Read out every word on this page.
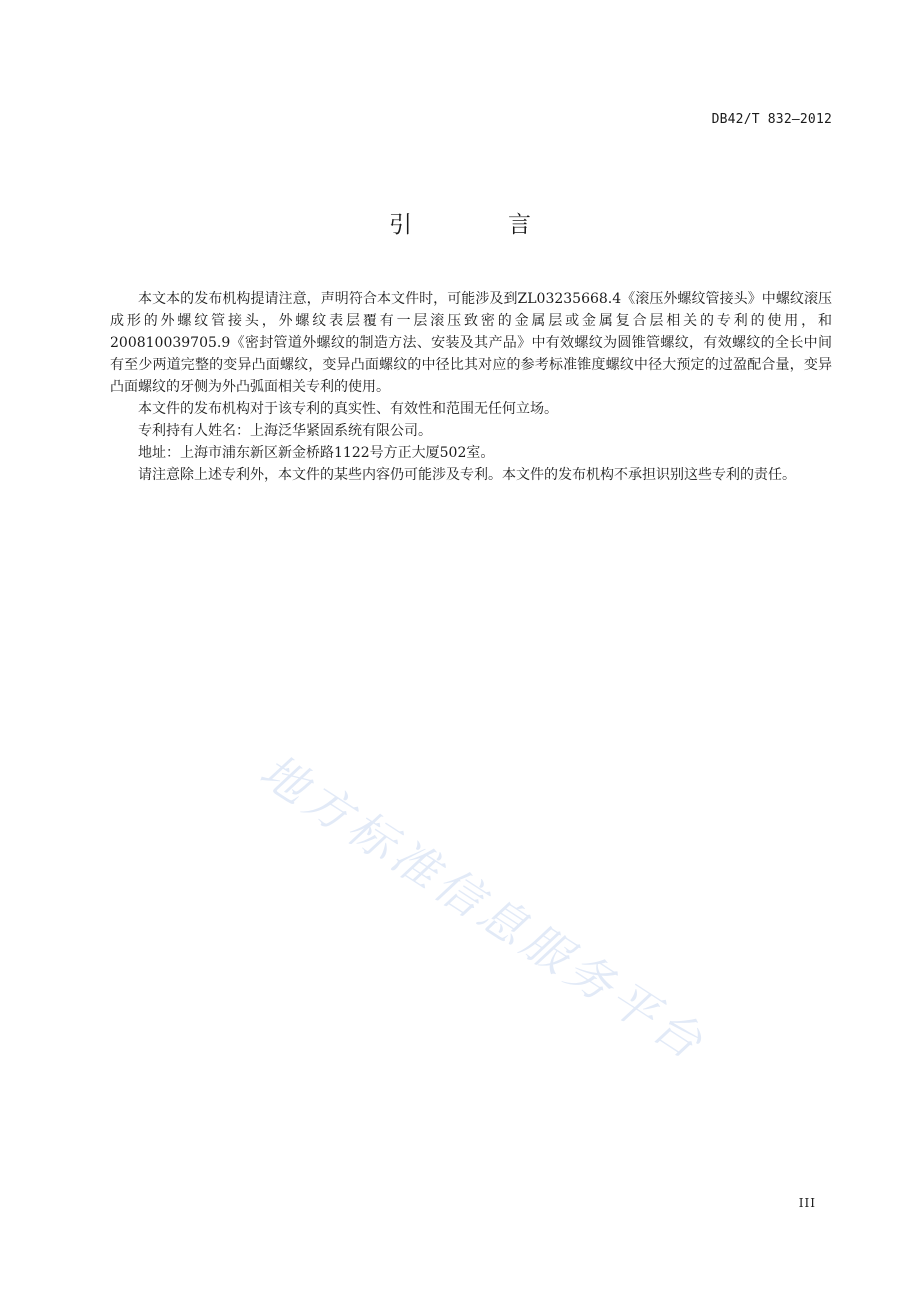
DB42/T 832—2012
引言

本文本的发布机构提请注意，声明符合本文件时，可能涉及到ZL03235668.4《滚压外螺纹管接头》中螺纹滚压成形的外螺纹管接头，外螺纹表层覆有一层滚压致密的金属层或金属复合层相关的专利的使用，和200810039705.9《密封管道外螺纹的制造方法、安装及其产品》中有效螺纹为圆锥管螺纹，有效螺纹的全长中间有至少两道完整的变异凸面螺纹，变异凸面螺纹的中径比其对应的参考标准锥度螺纹中径大预定的过盈配合量，变异凸面螺纹的牙侧为外凸弧面相关专利的使用。

本文件的发布机构对于该专利的真实性、有效性和范围无任何立场。

专利持有人姓名：上海泛华紧固系统有限公司。

地址：上海市浦东新区新金桥路1122号方正大厦502室。

请注意除上述专利外，本文件的某些内容仍可能涉及专利。本文件的发布机构不承担识别这些专利的责任。

地方标准信息服务平台
III
